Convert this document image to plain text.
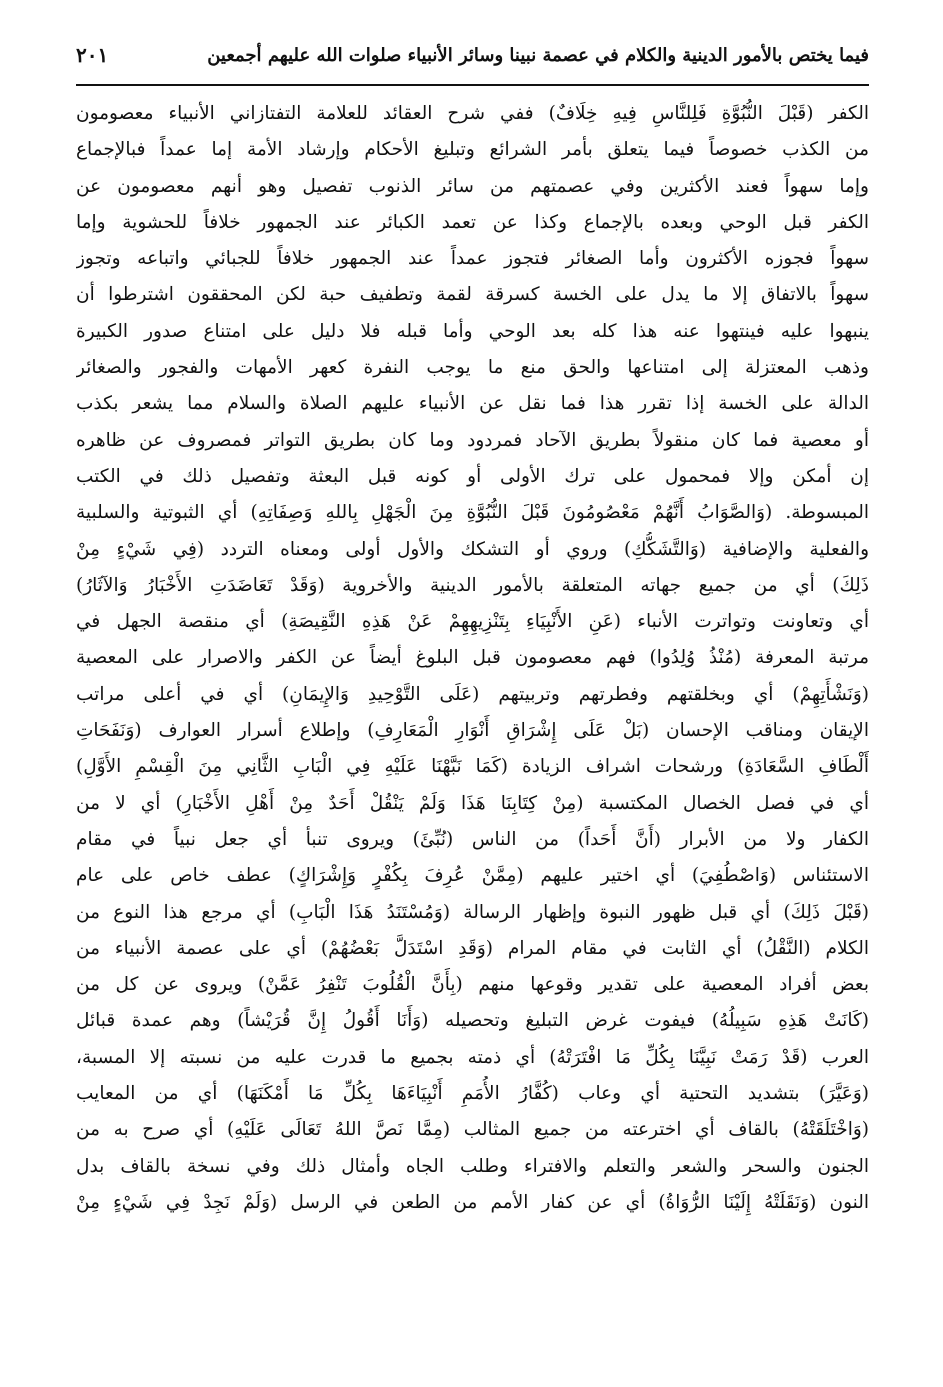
فيما يختص بالأمور الدينية والكلام في عصمة نبينا وسائر الأنبياء صلوات الله عليهم أجمعين
٢٠١
الكفر (قَبْلَ النُّبُوَّةِ فَلِلنَّاسِ فِيهِ خِلَافٌ) ففي شرح العقائد للعلامة التفتازاني الأنبياء معصومون
من الكذب خصوصاً فيما يتعلق بأمر الشرائع وتبليغ الأحكام وإرشاد الأمة إما عمداً فبالإجماع
وإما سهواً فعند الأكثرين وفي عصمتهم من سائر الذنوب تفصيل وهو أنهم معصومون عن
الكفر قبل الوحي وبعده بالإجماع وكذا عن تعمد الكبائر عند الجمهور خلافاً للحشوية وإما
سهواً فجوزه الأكثرون وأما الصغائر فتجوز عمداً عند الجمهور خلافاً للجبائي واتباعه وتجوز
سهواً بالاتفاق إلا ما يدل على الخسة كسرقة لقمة وتطفيف حبة لكن المحققون اشترطوا أن
ينبهوا عليه فينتهوا عنه هذا كله بعد الوحي وأما قبله فلا دليل على امتناع صدور الكبيرة
وذهب المعتزلة إلى امتناعها والحق منع ما يوجب النفرة كعهر الأمهات والفجور والصغائر
الدالة على الخسة إذا تقرر هذا فما نقل عن الأنبياء عليهم الصلاة والسلام مما يشعر بكذب
أو معصية فما كان منقولاً بطريق الآحاد فمردود وما كان بطريق التواتر فمصروف عن ظاهره
إن أمكن وإلا فمحمول على ترك الأولى أو كونه قبل البعثة وتفصيل ذلك في الكتب
المبسوطة. (وَالصَّوَابُ أَنَّهُمْ مَعْصُومُونَ قَبْلَ النُّبُوَّةِ مِنَ الْجَهْلِ بِاللهِ وَصِفَاتِهِ) أي الثبوتية والسلبية
والفعلية والإضافية (وَالتَّشَكُّكِ) وروي أو التشكك والأول أولى ومعناه التردد (فِي شَيْءٍ مِنْ
ذَلِكَ) أي من جميع جهاته المتعلقة بالأمور الدينية والأخروية (وَقَدْ تَعَاضَدَتِ الأَخْبَارُ وَالآثَارُ)
أي وتعاونت وتواترت الأنباء (عَنِ الأَنْبِيَاءِ بِتَنْزِيهِهِمْ عَنْ هَذِهِ النَّقِيصَةِ) أي منقصة الجهل في
مرتبة المعرفة (مُنْذُ وُلِدُوا) فهم معصومون قبل البلوغ أيضاً عن الكفر والاصرار على المعصية
(وَنَشْأَتِهِمْ) أي وبخلقتهم وفطرتهم وتربيتهم (عَلَى التَّوْحِيدِ وَالإِيمَانِ) أي في أعلى مراتب
الإيقان ومناقب الإحسان (بَلْ عَلَى إِشْرَاقِ أَنْوَارِ الْمَعَارِفِ) وإطلاع أسرار العوارف (وَنَفَحَاتِ
أَلْطَافِ السَّعَادَةِ) ورشحات اشراف الزيادة (كَمَا نَبَّهْنَا عَلَيْهِ فِي الْبَابِ الثَّانِي مِنَ الْقِسْمِ الأَوَّلِ)
أي في فصل الخصال المكتسبة (مِنْ كِتَابِنَا هَذَا وَلَمْ يَنْقُلْ أَحَدٌ مِنْ أَهْلِ الأَخْبَارِ) أي لا من
الكفار ولا من الأبرار (أَنَّ أَحَداً) من الناس (نُبِّئَ) ويروى تنبأ أي جعل نبياً في مقام
الاستئناس (وَاصْطُفِيَ) أي اختير عليهم (مِمَّنْ عُرِفَ بِكُفْرٍ وَإِشْرَاكٍ) عطف خاص على عام
(قَبْلَ ذَلِكَ) أي قبل ظهور النبوة وإظهار الرسالة (وَمُسْتَنَدُ هَذَا الْبَابِ) أي مرجع هذا النوع من
الكلام (النَّقْلُ) أي الثابت في مقام المرام (وَقَدِ اسْتَدَلَّ بَعْضُهُمْ) أي على عصمة الأنبياء من
بعض أفراد المعصية على تقدير وقوعها منهم (بِأَنَّ الْقُلُوبَ تَنْفِرُ عَمَّنْ) ويروى عن كل من
(كَانَتْ هَذِهِ سَبِيلُهُ) فيفوت غرض التبليغ وتحصيله (وَأَنَا أَقُولُ إِنَّ قُرَيْشاً) وهم عمدة قبائل
العرب (قَدْ رَمَتْ نَبِيَّنَا بِكُلِّ مَا افْتَرَتْهُ) أي ذمته بجميع ما قدرت عليه من نسبته إلا المسبة،
(وَعَيَّرَ) بتشديد التحتية أي وعاب (كُفَّارُ الأُمَمِ أَنْبِيَاءَهَا بِكُلِّ مَا أَمْكَنَهَا) أي من المعايب
(وَاخْتَلَقَتْهُ) بالقاف أي اخترعته من جميع المثالب (مِمَّا نَصَّ اللهُ تَعَالَى عَلَيْهِ) أي صرح به من
الجنون والسحر والشعر والتعلم والافتراء وطلب الجاه وأمثال ذلك وفي نسخة بالقاف بدل
النون (وَنَقَلَتْهُ إِلَيْنَا الرُّوَاةُ) أي عن كفار الأمم من الطعن في الرسل (وَلَمْ نَجِدْ فِي شَيْءٍ مِنْ
